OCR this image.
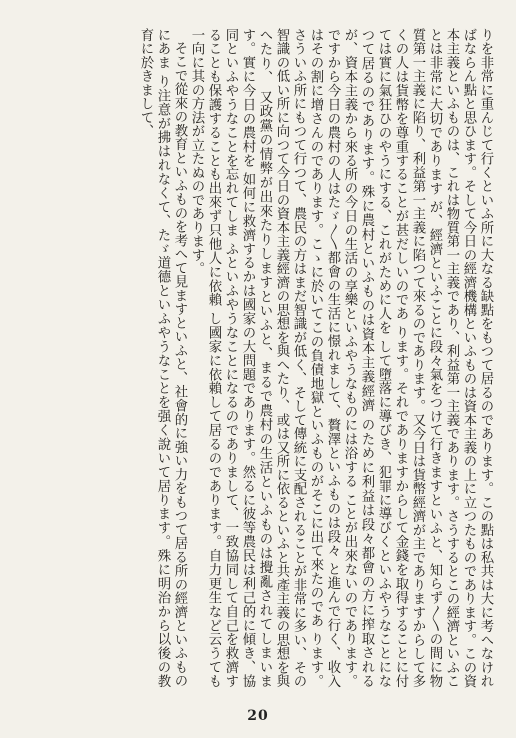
りを非常に重んじて行くといふ所に大なる缺點をもつて居るのであります。この點は私共は大に考へなければならん點と思ひます。そして今日の經濟機構といふものは資本主義の上に立つたものであります。この資本主義といふものは、これは物質第一主義であり、利益第一主義であります。さうするとこの經濟といふことは非常に大切であります が、經濟といふことに段々氣をつけて行きますといふと、知らず〳〵の間に物質第一主義に陷り、利益第一主義に陷つて來るのであります。又今日は貨幣經濟が主でありますからして多くの人は貨幣を尊重することが甚だしいのであ ります。それでありますからして金錢を取得することに付ては實に氣狂ひのやうにする、これがために人を して墮落に導びき、犯罪に導びくといふやうなことになつて居るのであります。殊に農村といふものは資本主義經濟 のために利益は段々都會の方に搾取されるが、資本主義から來る所の今日の生活の享樂といふやうなものには浴する ことが出來ないのであります。ですから今日の農村の人はたゞ〳〵都會の生活に憬れまして、贅澤といふものは段々 と進んで行く、收入はその割に增さんのであります。こゝに於いてこの負債地獄といふものがそこに出て來たのであ ります。さういふ所にもつて行つて、農民の方はまだ智識が低く、そして傳統に支配されることが非常に多い、その 智識の低い所に向つて今日の資本主義經濟の思想を與へたり、或は又所に依るといふと共產主義の思想を與へたり、 又政黨の情弊が出來たりしますといふと、まるで農村の生活といふものは攪亂されてしまいます。實に今日の農村を 如何に救濟するかは國家の大問題であります。然るに彼等農民は利己的に傾き、協同といふやうなことを忘れてしま ふといふやうなことになるのでありまして、一致協同して自己を救濟することも保護することも出來ず只他人に依賴 し國家に依賴して居るのであります。自力更生など云うても一向に其の方法が立たぬのであります。

そこで從來の教育といふものを考へて見ますといふと、社會的に強い力をもつて居る所の經濟といふものにあま り注意が拂はれなくて、たゞ道德といふやうなことを强く說いて居ります。殊に明治から以後の教育に於きまして、

20
